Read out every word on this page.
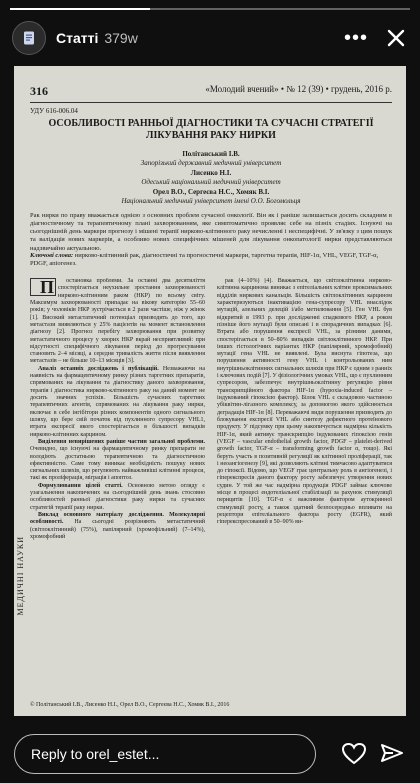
Статті 379w	•••
МЕДИЧНІ НАУКИ
316	«Молодий вчений» • № 12 (39) • грудень, 2016 р.
УДУ 616-006.04
ОСОБЛИВОСТІ РАННЬОЇ ДІАГНОСТИКИ ТА СУЧАСНІ СТРАТЕГІЇ ЛІКУВАННЯ РАКУ НИРКИ
Політанський І.В.
Запорізький державний медичний університет
Лисенко Н.І.
Одеський національний медичний університет
Орел В.О., Сергеєва Н.С., Хомяк В.І.
Національний медичний університет імені О.О. Богомольця
Рак нирки по праву вважається однією з основних проблем сучасної онкології. Він як і раніше залишається досить складним в діагностичному та терапевтичному плані захворюванням, яке симптоматично проявляє себе на пізніх стадіях. Існуючі на сьогоднішній день маркери прогнозу і мішені терапії нирково-клітинного раку нечисленні і неспецифічні. У зв'язку з цим пошук та валідація нових маркерів, а особливо нових специфічних мішеней для лікування онкопатології нирки представляються надзвичайно актуальною.
Ключові слова: нирково-клітинний рак, діагностичні та прогностичні маркери, таргетна терапія, HIF-1α, VHL, VEGF, TGF-α, PDGF, апіогенез.

П	остановка проблеми. За останні два десятиліття спостерігається неухильне зростання захворюваності нирково-клітинним раком (НКР) по всьому світу. Максимум захворюваності припадає на вікову категорію 55–60 років; у чоловіків НКР зустрічається в 2 рази частіше, ніж у жінок [1]. Високий метастатичний потенціал призводить до того, що метастази виявляються у 25% пацієнтів на момент встановлення діагнозу [2]. Прогноз перебігу захворювання при розвитку метастатичного процесу у хворих НКР вкрай несприятливий: при відсутності специфічного лікування період до прогресування становить 2–4 місяці, а середня тривалість життя після виявлення метастазів – не більше 10–13 місяців [3].

Аналіз останніх досліджень і публікацій. Незважаючи на наявність на фармацевтичному ринку різних таргетних препаратів, спрямованих на лікування та діагностику даного захворювання, терапія і діагностика нирково-клітинного раку на даний момент не досить значних успіхів. Більшість сучасних таргетних терапевтичних агентів, спрямованих на лікування раку нирки, включає в себе інгібітори різних компонентів одного сигнального шляху, що бере свій початок від пухлинного супресору VHL1, втрата експресії якого спостерігається в більшості випадків нирково-клітинних карцином.

Виділення невирішених раніше частин загальної проблеми. Очевидно, що існуючі на фармацевтичному ринку препарати не володіють достатньою терапевтичною та діагностичною ефективністю. Саме тому виникає необхідність пошуку нових сигнальних шляхів, що регулюють найважливіші клітинні процеси, такі як проліферація, міграція і апоптоз.

Формулювання цілей статті. Основною метою огляду є узагальнення накопичених на сьогоднішній день знань стосовно особливостей ранньої діагностики раку нирки та сучасних стратегій терапії раку нирки.

Виклад основного матеріалу дослідження. Молекулярні особливості. На сьогодні розрізняють метастатичний (світлоклітинний) (75%), папілярний (хромофільний) (7–14%), хромофобний

рак (4–10%) [4]. Вважається, що світлоклітинна нирково-клітинна карцинома виникає з епітеліальних клітин проксимальних відділів ниркових канальців. Більшість світлоклітинних карцином характеризуються інактивацією гена-супресору VHL внаслідок мутацій, алельних делецій і/або метилювання [5]. Ген VHL був відкритий в 1993 р. при дослідженні спадкового НКР, а роком пізніше його мутації були описані і в спорадичних випадках [6]. Втрата або порушення експресії VHL, за різними даними, спостерігається в 50–80% випадків світлоклітинного НКР. При інших гістологічних варіантах НКР (папілярний, хромофобний) мутації гена VHL не виявлені. Була виснута гіпотеза, що порушення активності гену VHL і контрольованих ним внутрішньоклітинних сигнальних шляхів при НКР є одним з ранніх і ключових подій [7]. У фізіологічних умовах VHL, що є пухлинним супресором, забезпечує внутрішньоклітинну регуляцію рівня транскрипційного фактора HIF-1α (hypoxia-induced factor – індукований гіпоксією фактор). Білок VHL є складовою частиною убіквітин-лігазного комплексу, за допомогою якого здійснюється деградація HIF-1α [8]. Переважаючі види порушення призводять до блокування експресії VHL або синтезу дефектного протеїнового продукту. У підсумку при цьому накопичується надмірна кількість HIF-1α, який активує транскрипцію індукованих гіпоксією генів (VEGF – vascular endothelial growth factor, PDGF – platelet-derived growth factor, TGF-α – transforming growth factor α, тощо). Які беруть участь в позитивній регуляції як клітинної проліферації, так і неоангіогенезу [9], які дозволяють клітині тимчасово адаптуватися до гіпоксії. Відомо, що VEGF грає центральну роль в ангіогенезі, і гіперекспресія даного фактору росту забезпечує утворення нових судин. У той же час надмірна продукція PDGF займає ключове місце в процесі ендотеліальної стабілізації за рахунок стимуляції перицитів [10]. TGF-α є важливим фактором аутокринної стимуляції росту, а також здатний безпосередньо впливати на рецептори епітеліального фактора росту (EGFR), який гіперекспресований в 50–90% ви-

© Політанський І.В., Лисенко Н.І., Орел В.О., Сергеєва Н.С., Хомяк В.І., 2016
Reply to orel_estet...
